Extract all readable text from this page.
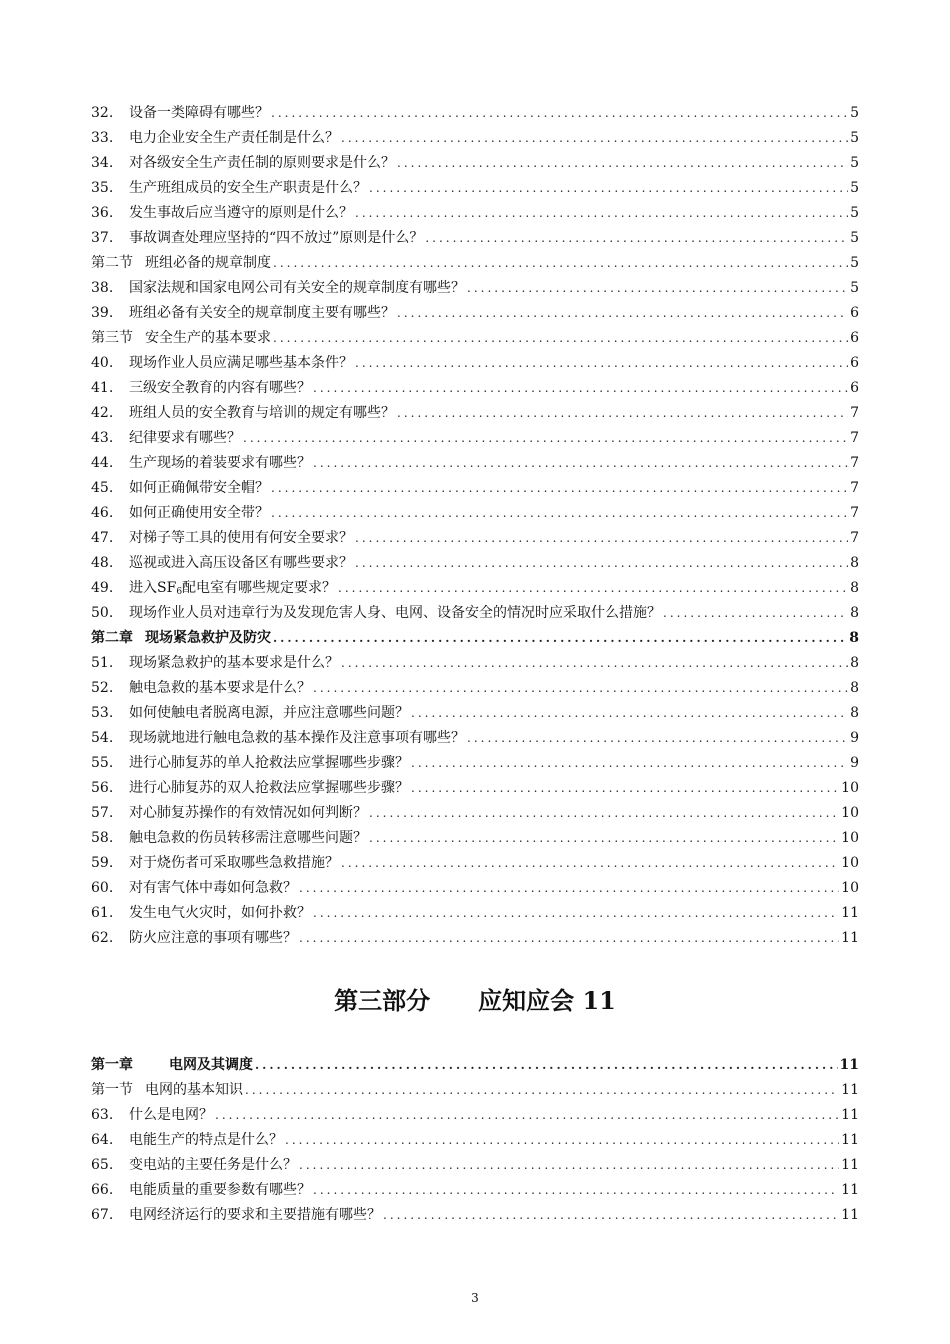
32.	设备一类障碍有哪些？ .....	5
33.	电力企业安全生产责任制是什么？ .....	5
34.	对各级安全生产责任制的原则要求是什么？ .....	5
35.	生产班组成员的安全生产职责是什么？ .....	5
36.	发生事故后应当遵守的原则是什么？ .....	5
37.	事故调查处理应坚持的“四不放过”原则是什么？ .....	5
第二节 班组必备的规章制度 .....	5
38.	国家法规和国家电网公司有关安全的规章制度有哪些？ .....	5
39.	班组必备有关安全的规章制度主要有哪些？ .....	6
第三节 安全生产的基本要求 .....	6
40.	现场作业人员应满足哪些基本条件？ .....	6
41.	三级安全教育的内容有哪些？ .....	6
42.	班组人员的安全教育与培训的规定有哪些？ .....	7
43.	纪律要求有哪些？ .....	7
44.	生产现场的着装要求有哪些？ .....	7
45.	如何正确佩带安全帽？ .....	7
46.	如何正确使用安全带？ .....	7
47.	对梯子等工具的使用有何安全要求？ .....	7
48.	巡视或进入高压设备区有哪些要求？ .....	8
49.	进入$SF_6$配电室有哪些规定要求？ .....	8
50.	现场作业人员对违章行为及发现危害人身、电网、设备安全的情况时应采取什么措施？ .....	8
第二章 现场紧急救护及防灾 .....	8
51.	现场紧急救护的基本要求是什么？ .....	8
52.	触电急救的基本要求是什么？ .....	8
53.	如何使触电者脱离电源，并应注意哪些问题？ .....	8
54.	现场就地进行触电急救的基本操作及注意事项有哪些？ .....	9
55.	进行心肺复苏的单人抢救法应掌握哪些步骤？ .....	9
56.	进行心肺复苏的双人抢救法应掌握哪些步骤？ .....	10
57.	对心肺复苏操作的有效情况如何判断？ .....	10
58.	触电急救的伤员转移需注意哪些问题？ .....	10
59.	对于烧伤者可采取哪些急救措施？ .....	10
60.	对有害气体中毒如何急救？ .....	10
61.	发生电气火灾时，如何扑救？ .....	11
62.	防火应注意的事项有哪些？ .....	11
第三部分 应知应会 11
第一章	电网及其调度 .....	11
第一节 电网的基本知识 .....	11
63.	什么是电网？ .....	11
64.	电能生产的特点是什么？ .....	11
65.	变电站的主要任务是什么？ .....	11
66.	电能质量的重要参数有哪些？ .....	11
67.	电网经济运行的要求和主要措施有哪些？ .....	11
3
